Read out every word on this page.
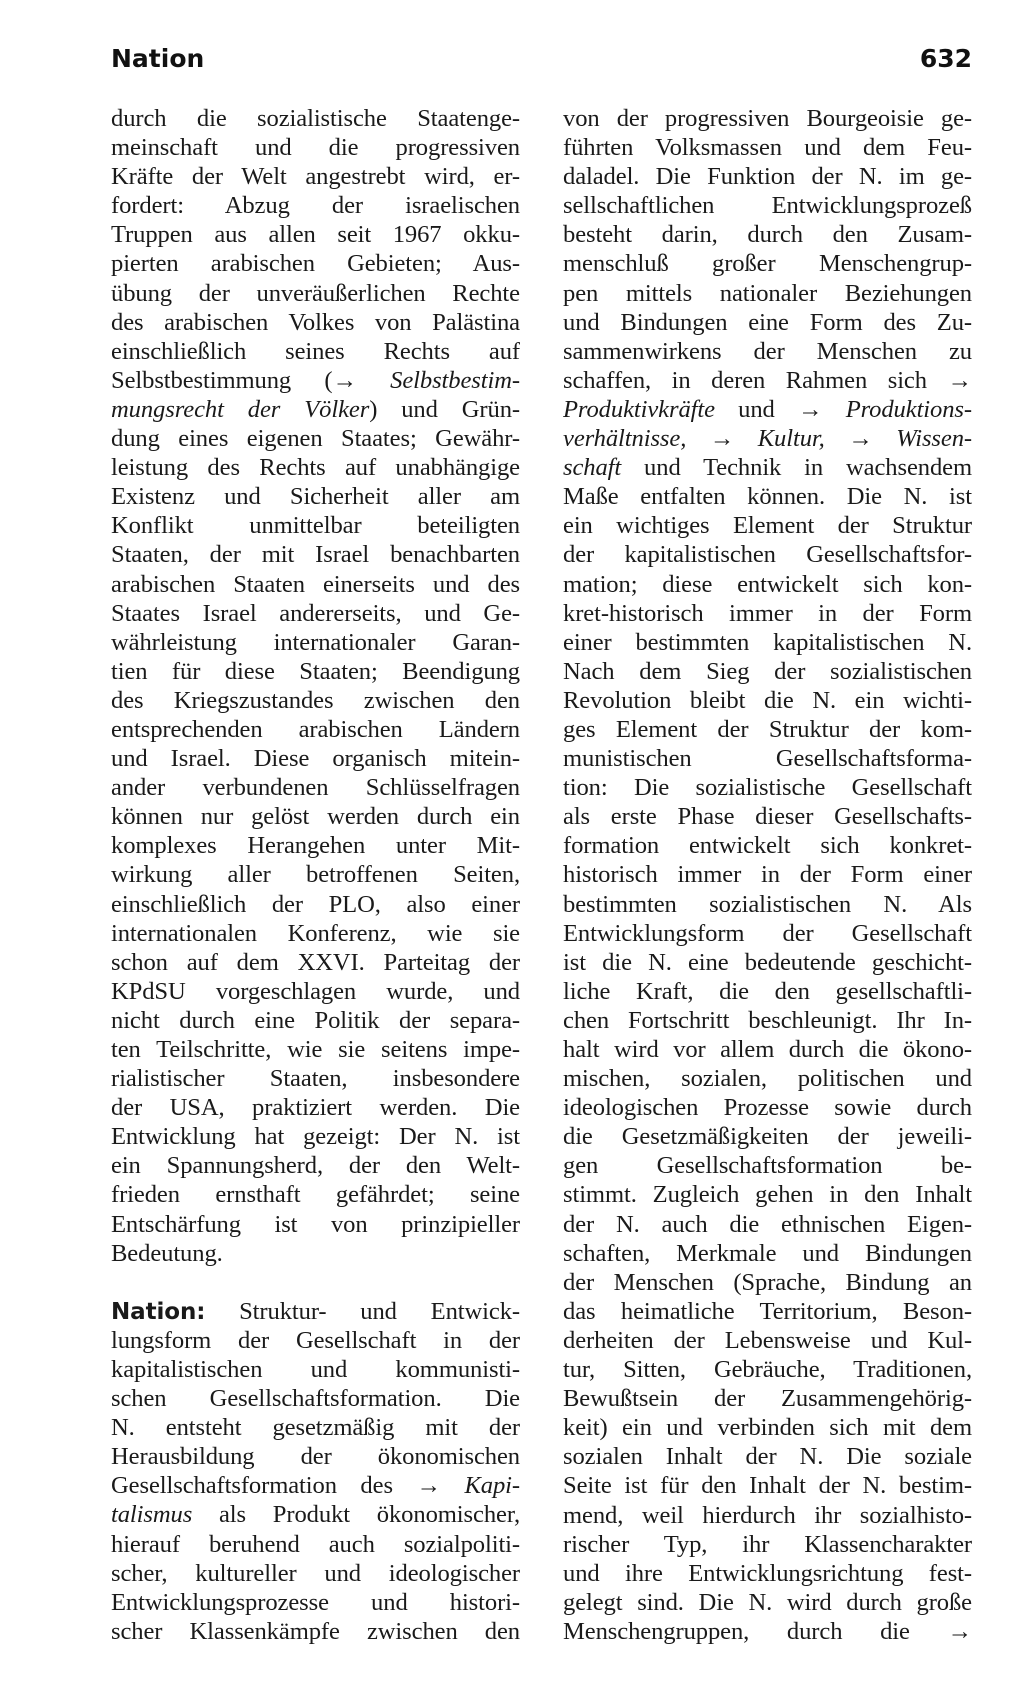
Nation	632
durch die sozialistische Staatenge-
meinschaft und die progressiven
Kräfte der Welt angestrebt wird, er-
fordert: Abzug der israelischen
Truppen aus allen seit 1967 okku-
pierten arabischen Gebieten; Aus-
übung der unveräußerlichen Rechte
des arabischen Volkes von Palästina
einschließlich seines Rechts auf
Selbstbestimmung (→ Selbstbestim-
mungsrecht der Völker) und Grün-
dung eines eigenen Staates; Gewähr-
leistung des Rechts auf unabhängige
Existenz und Sicherheit aller am
Konflikt unmittelbar beteiligten
Staaten, der mit Israel benachbarten
arabischen Staaten einerseits und des
Staates Israel andererseits, und Ge-
währleistung internationaler Garan-
tien für diese Staaten; Beendigung
des Kriegszustandes zwischen den
entsprechenden arabischen Ländern
und Israel. Diese organisch mitein-
ander verbundenen Schlüsselfragen
können nur gelöst werden durch ein
komplexes Herangehen unter Mit-
wirkung aller betroffenen Seiten,
einschließlich der PLO, also einer
internationalen Konferenz, wie sie
schon auf dem XXVI. Parteitag der
KPdSU vorgeschlagen wurde, und
nicht durch eine Politik der separa-
ten Teilschritte, wie sie seitens impe-
rialistischer Staaten, insbesondere
der USA, praktiziert werden. Die
Entwicklung hat gezeigt: Der N. ist
ein Spannungsherd, der den Welt-
frieden ernsthaft gefährdet; seine
Entschärfung ist von prinzipieller
Bedeutung.
Nation: Struktur- und Entwick-
lungsform der Gesellschaft in der
kapitalistischen und kommunisti-
schen Gesellschaftsformation. Die
N. entsteht gesetzmäßig mit der
Herausbildung der ökonomischen
Gesellschaftsformation des → Kapi-
talismus als Produkt ökonomischer,
hierauf beruhend auch sozialpoliti-
scher, kultureller und ideologischer
Entwicklungsprozesse und histori-
scher Klassenkämpfe zwischen den
von der progressiven Bourgeoisie ge-
führten Volksmassen und dem Feu-
daladel. Die Funktion der N. im ge-
sellschaftlichen Entwicklungsprozeß
besteht darin, durch den Zusam-
menschluß großer Menschengrup-
pen mittels nationaler Beziehungen
und Bindungen eine Form des Zu-
sammenwirkens der Menschen zu
schaffen, in deren Rahmen sich →
Produktivkräfte und → Produktions-
verhältnisse, → Kultur, → Wissen-
schaft und Technik in wachsendem
Maße entfalten können. Die N. ist
ein wichtiges Element der Struktur
der kapitalistischen Gesellschaftsfor-
mation; diese entwickelt sich kon-
kret-historisch immer in der Form
einer bestimmten kapitalistischen N.
Nach dem Sieg der sozialistischen
Revolution bleibt die N. ein wichti-
ges Element der Struktur der kom-
munistischen Gesellschaftsforma-
tion: Die sozialistische Gesellschaft
als erste Phase dieser Gesellschafts-
formation entwickelt sich konkret-
historisch immer in der Form einer
bestimmten sozialistischen N. Als
Entwicklungsform der Gesellschaft
ist die N. eine bedeutende geschicht-
liche Kraft, die den gesellschaftli-
chen Fortschritt beschleunigt. Ihr In-
halt wird vor allem durch die ökono-
mischen, sozialen, politischen und
ideologischen Prozesse sowie durch
die Gesetzmäßigkeiten der jeweili-
gen Gesellschaftsformation be-
stimmt. Zugleich gehen in den Inhalt
der N. auch die ethnischen Eigen-
schaften, Merkmale und Bindungen
der Menschen (Sprache, Bindung an
das heimatliche Territorium, Beson-
derheiten der Lebensweise und Kul-
tur, Sitten, Gebräuche, Traditionen,
Bewußtsein der Zusammengehörig-
keit) ein und verbinden sich mit dem
sozialen Inhalt der N. Die soziale
Seite ist für den Inhalt der N. bestim-
mend, weil hierdurch ihr sozialhisto-
rischer Typ, ihr Klassencharakter
und ihre Entwicklungsrichtung fest-
gelegt sind. Die N. wird durch große
Menschengruppen, durch die →
